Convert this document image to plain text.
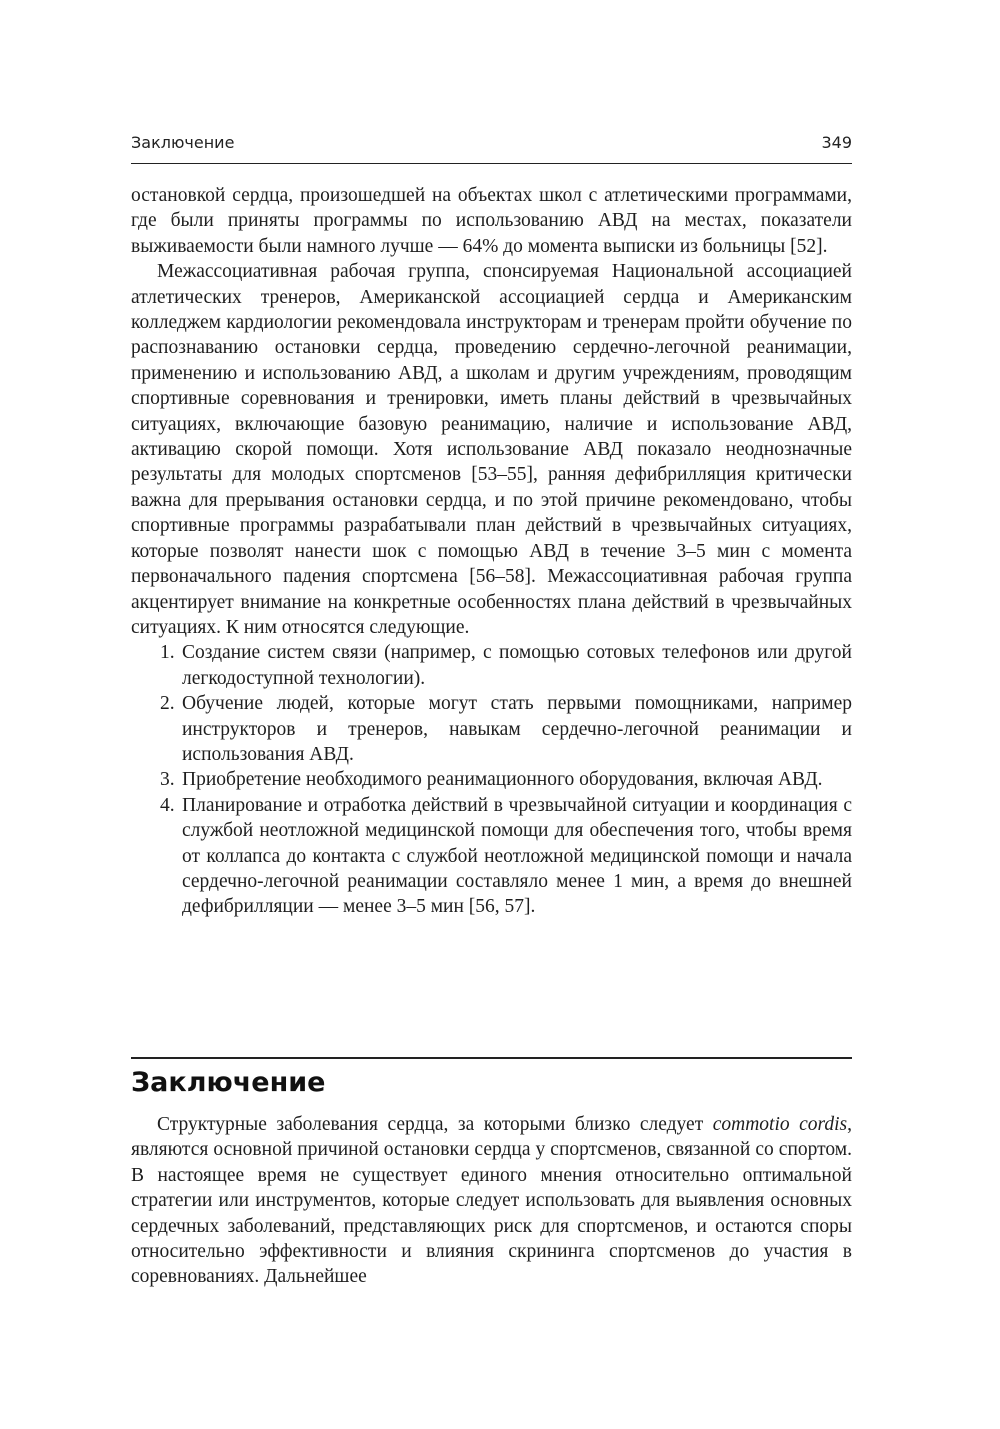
Заключение	349

остановкой сердца, произошедшей на объектах школ с атлетическими программами, где были приняты программы по использованию АВД на местах, показатели выживаемости были намного лучше — 64% до момента выписки из больницы [52].

Межассоциативная рабочая группа, спонсируемая Национальной ассоциацией атлетических тренеров, Американской ассоциацией сердца и Американским колледжем кардиологии рекомендовала инструкторам и тренерам пройти обучение по распознаванию остановки сердца, проведению сердечно-легочной реанимации, применению и использованию АВД, а школам и другим учреждениям, проводящим спортивные соревнования и тренировки, иметь планы действий в чрезвычайных ситуациях, включающие базовую реанимацию, наличие и использование АВД, активацию скорой помощи. Хотя использование АВД показало неоднозначные результаты для молодых спортсменов [53–55], ранняя дефибрилляция критически важна для прерывания остановки сердца, и по этой причине рекомендовано, чтобы спортивные программы разрабатывали план действий в чрезвычайных ситуациях, которые позволят нанести шок с помощью АВД в течение 3–5 мин с момента первоначального падения спортсмена [56–58]. Межассоциативная рабочая группа акцентирует внимание на конкретные особенностях плана действий в чрезвычайных ситуациях. К ним относятся следующие.

1. Создание систем связи (например, с помощью сотовых телефонов или другой легкодоступной технологии).
2. Обучение людей, которые могут стать первыми помощниками, например инструкторов и тренеров, навыкам сердечно-легочной реанимации и использования АВД.
3. Приобретение необходимого реанимационного оборудования, включая АВД.
4. Планирование и отработка действий в чрезвычайной ситуации и координация с службой неотложной медицинской помощи для обеспечения того, чтобы время от коллапса до контакта с службой неотложной медицинской помощи и начала сердечно-легочной реанимации составляло менее 1 мин, а время до внешней дефибрилляции — менее 3–5 мин [56, 57].
Заключение

Структурные заболевания сердца, за которыми близко следует commotio cordis, являются основной причиной остановки сердца у спортсменов, связанной со спортом. В настоящее время не существует единого мнения относительно оптимальной стратегии или инструментов, которые следует использовать для выявления основных сердечных заболеваний, представляющих риск для спортсменов, и остаются споры относительно эффективности и влияния скрининга спортсменов до участия в соревнованиях. Дальнейшее
